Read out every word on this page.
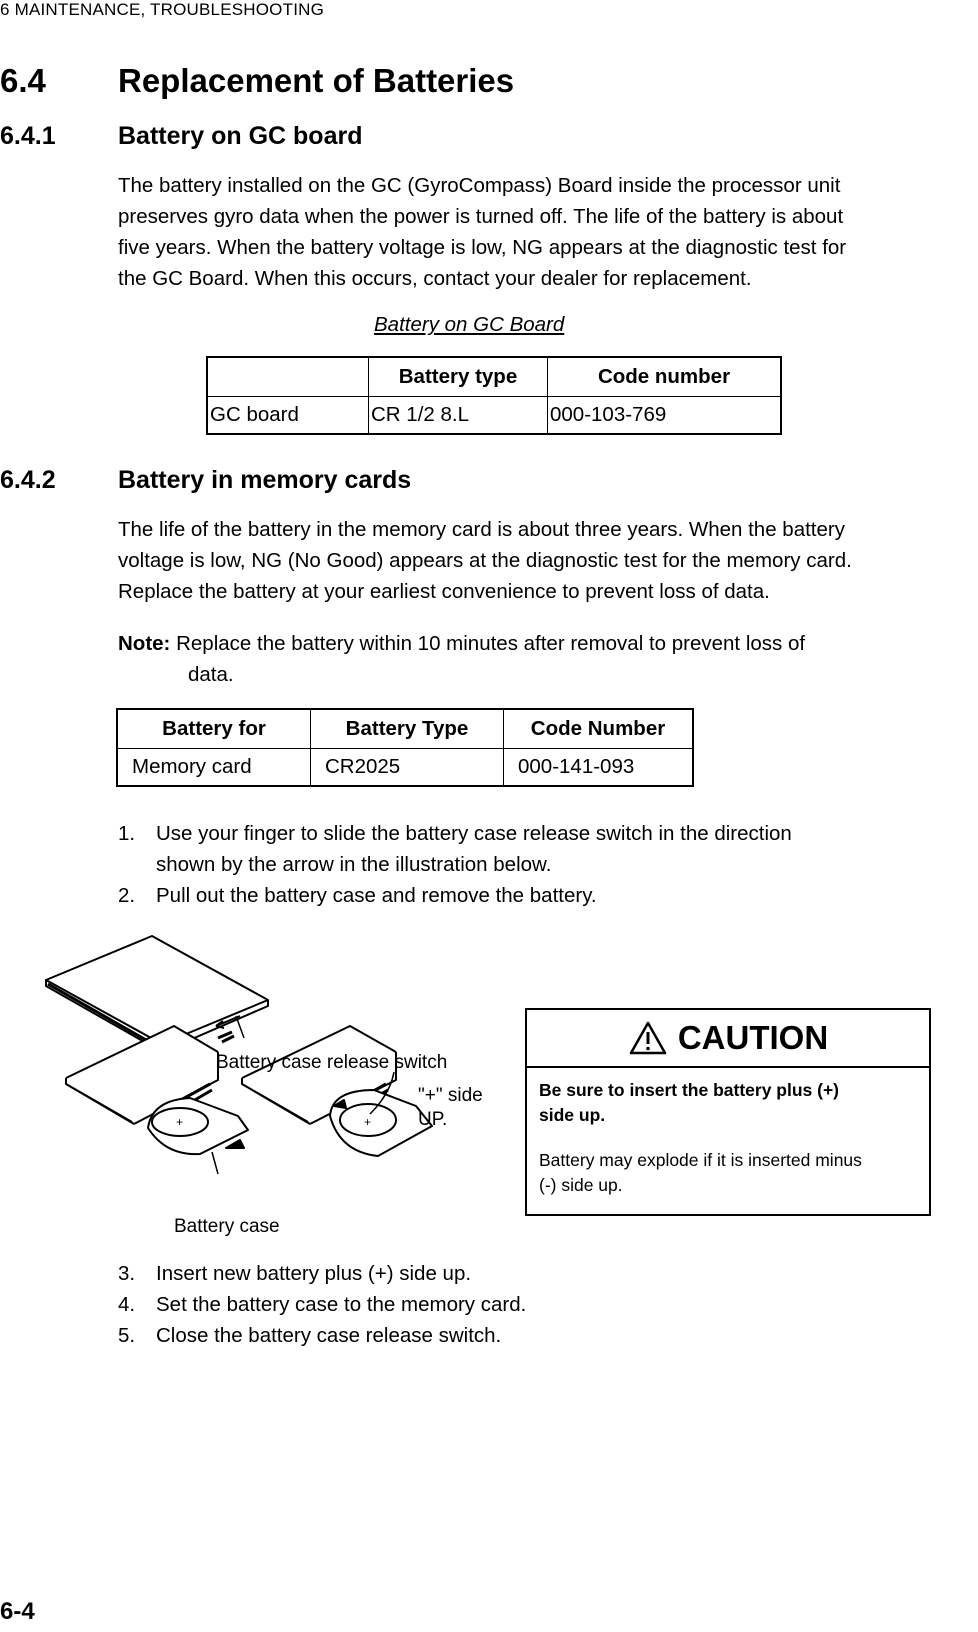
6 MAINTENANCE, TROUBLESHOOTING
6.4 Replacement of Batteries
6.4.1 Battery on GC board
The battery installed on the GC (GyroCompass) Board inside the processor unit
preserves gyro data when the power is turned off. The life of the battery is about
five years. When the battery voltage is low, NG appears at the diagnostic test for
the GC Board. When this occurs, contact your dealer for replacement.
Battery on GC Board
	Battery type	Code number
GC board	CR 1/2 8.L	000-103-769
6.4.2 Battery in memory cards
The life of the battery in the memory card is about three years. When the battery
voltage is low, NG (No Good) appears at the diagnostic test for the memory card.
Replace the battery at your earliest convenience to prevent loss of data.
Note: Replace the battery within 10 minutes after removal to prevent loss of
data.
Battery for	Battery Type	Code Number
Memory card	CR2025	000-141-093
1. Use your finger to slide the battery case release switch in the direction
shown by the arrow in the illustration below.
2. Pull out the battery case and remove the battery.
+	+
Battery case release switch
"+" side
UP.
Battery case
CAUTION
Be sure to insert the battery plus (+)
side up.
Battery may explode if it is inserted minus
(-) side up.
3. Insert new battery plus (+) side up.
4. Set the battery case to the memory card.
5. Close the battery case release switch.
6-4
